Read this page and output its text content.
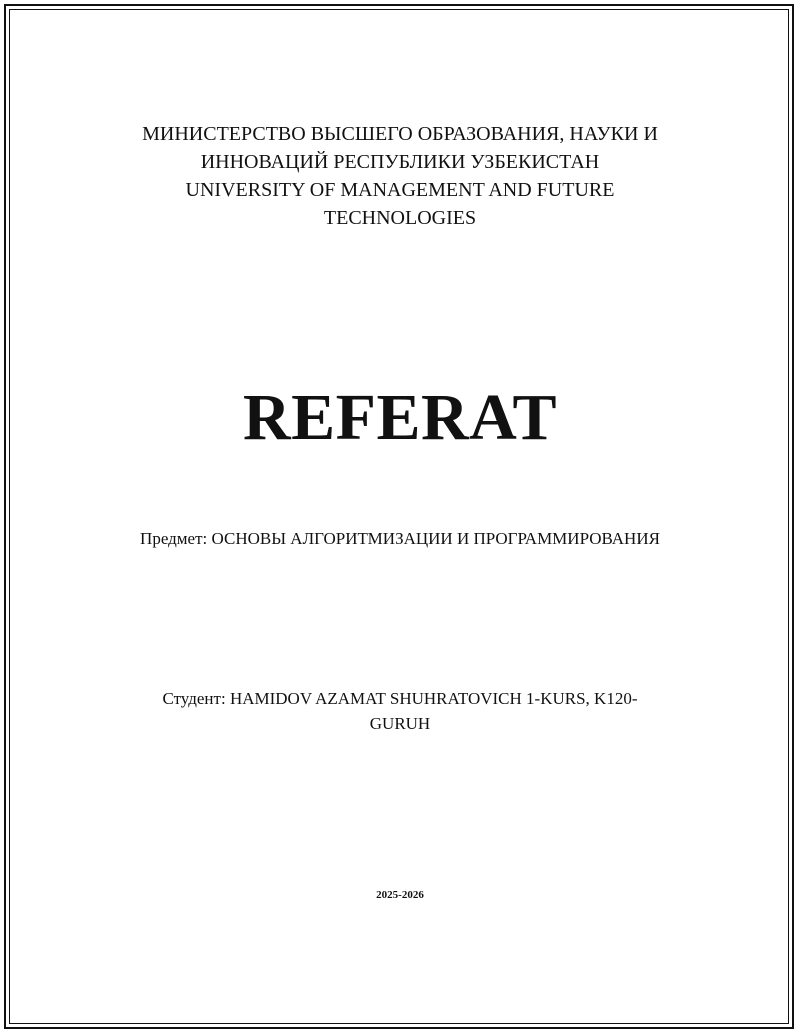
МИНИСТЕРСТВО ВЫСШЕГО ОБРАЗОВАНИЯ, НАУКИ И
ИННОВАЦИЙ РЕСПУБЛИКИ УЗБЕКИСТАН
UNIVERSITY OF MANAGEMENT AND FUTURE
TECHNOLOGIES
REFERAT
Предмет: ОСНОВЫ АЛГОРИТМИЗАЦИИ И ПРОГРАММИРОВАНИЯ
Студент: HAMIDOV AZAMAT SHUHRATOVICH 1-KURS, K120-
GURUH
2025-2026
